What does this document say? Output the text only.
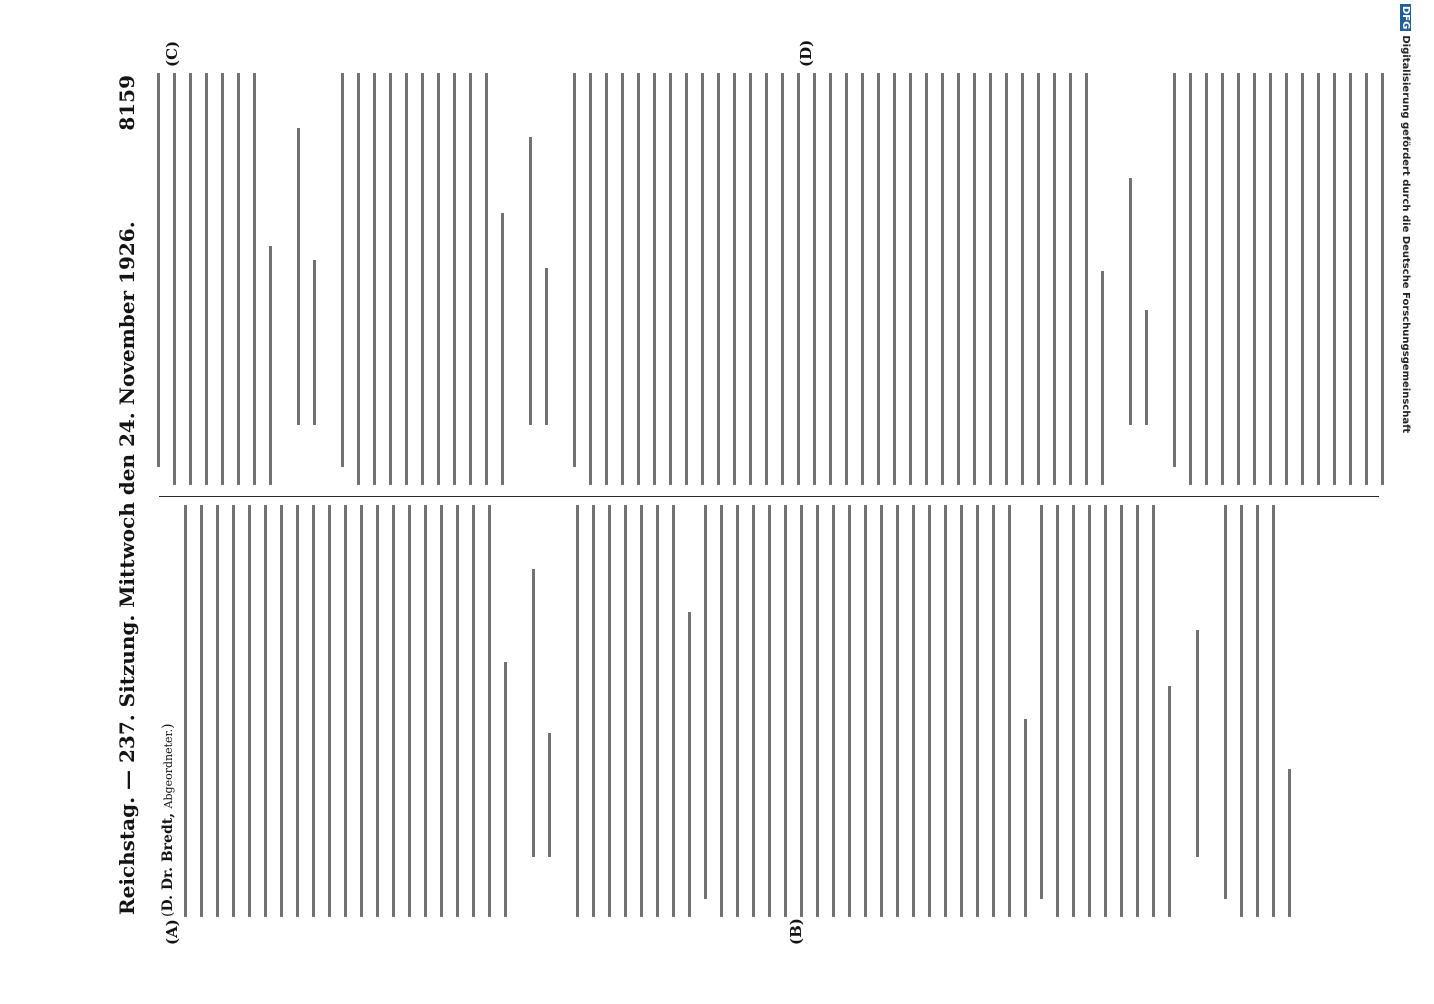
Reichstag. — 237. Sitzung. Mittwoch den 24. November 1926.
8159
(A)	(B)
(C)	(D)
(D. Dr. Bredt, Abgeordneter.)
DFGDigitalisierung gefördert durch die Deutsche Forschungsgemeinschaft
